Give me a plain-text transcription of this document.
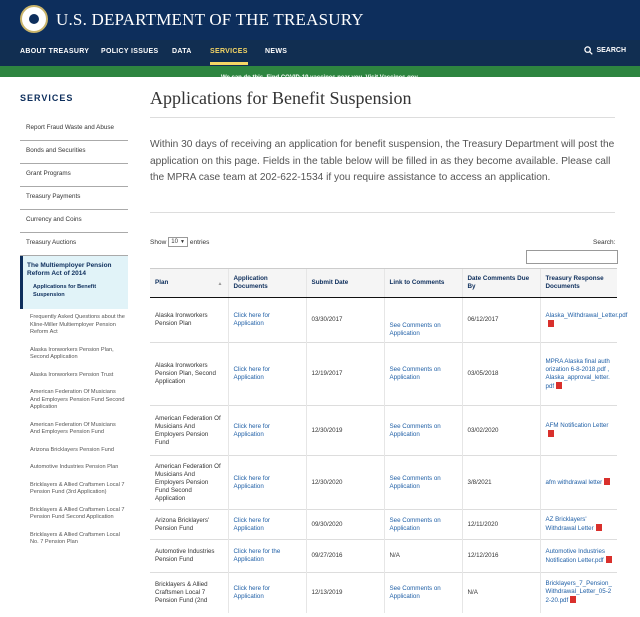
U.S. DEPARTMENT OF THE TREASURY
ABOUT TREASURY POLICY ISSUES DATA	SERVICES NEWS	SEARCH
We can do this. Find COVID-19 vaccines near you. Visit Vaccines.gov.
SERVICES
Report Fraud Waste and Abuse
Bonds and Securities
Grant Programs
Treasury Payments
Currency and Coins
Treasury Auctions
The Multiemployer Pension Reform Act of 2014
Applications for Benefit Suspension
Frequently Asked Questions about the Kline-Miller Multiemployer Pension Reform Act
Alaska Ironworkers Pension Plan, Second Application
Alaska Ironworkers Pension Trust
American Federation Of Musicians And Employers Pension Fund Second Application
American Federation Of Musicians And Employers Pension Fund
Arizona Bricklayers Pension Fund
Automotive Industries Pension Plan
Bricklayers & Allied Craftsmen Local 7 Pension Fund (3rd Application)
Bricklayers & Allied Craftsmen Local 7 Pension Fund Second Application
Bricklayers & Allied Craftsmen Local No. 7 Pension Plan
Applications for Benefit Suspension

Within 30 days of receiving an application for benefit suspension, the Treasury Department will post the application on this page. Fields in the table below will be filled in as they become available. Please call the MPRA case team at 202-622-1534 if you require assistance to access an application.

Show 10 ▼ entries	Search:
Plan ▲	Application Documents	Submit Date	Link to Comments	Date Comments Due By	Treasury Response Documents
Alaska Ironworkers Pension Plan	Click here for Application	03/30/2017	See Comments on Application	06/12/2017	Alaska_Withdrawal_Letter.pdf
Alaska Ironworkers Pension Plan, Second Application	Click here for Application	12/19/2017	See Comments on Application	03/05/2018	MPRA Alaska final authorization 6-8-2018.pdf , Alaska_approval_letter.pdf
American Federation Of Musicians And Employers Pension Fund	Click here for Application	12/30/2019	See Comments on Application	03/02/2020	AFM Notification Letter
American Federation Of Musicians And Employers Pension Fund Second Application	Click here for Application	12/30/2020	See Comments on Application	3/8/2021	afm withdrawal letter
Arizona Bricklayers' Pension Fund	Click here for Application	09/30/2020	See Comments on Application	12/11/2020	AZ Bricklayers' Withdrawal Letter
Automotive Industries Pension Fund	Click here for the Application	09/27/2016	N/A	12/12/2016	Automotive Industries Notification Letter.pdf
Bricklayers & Allied Craftsmen Local 7 Pension Fund (2nd	Click here for Application	12/13/2019	See Comments on Application	N/A	Bricklayers_7_Pension_Withdrawal_Letter_05-22-20.pdf
